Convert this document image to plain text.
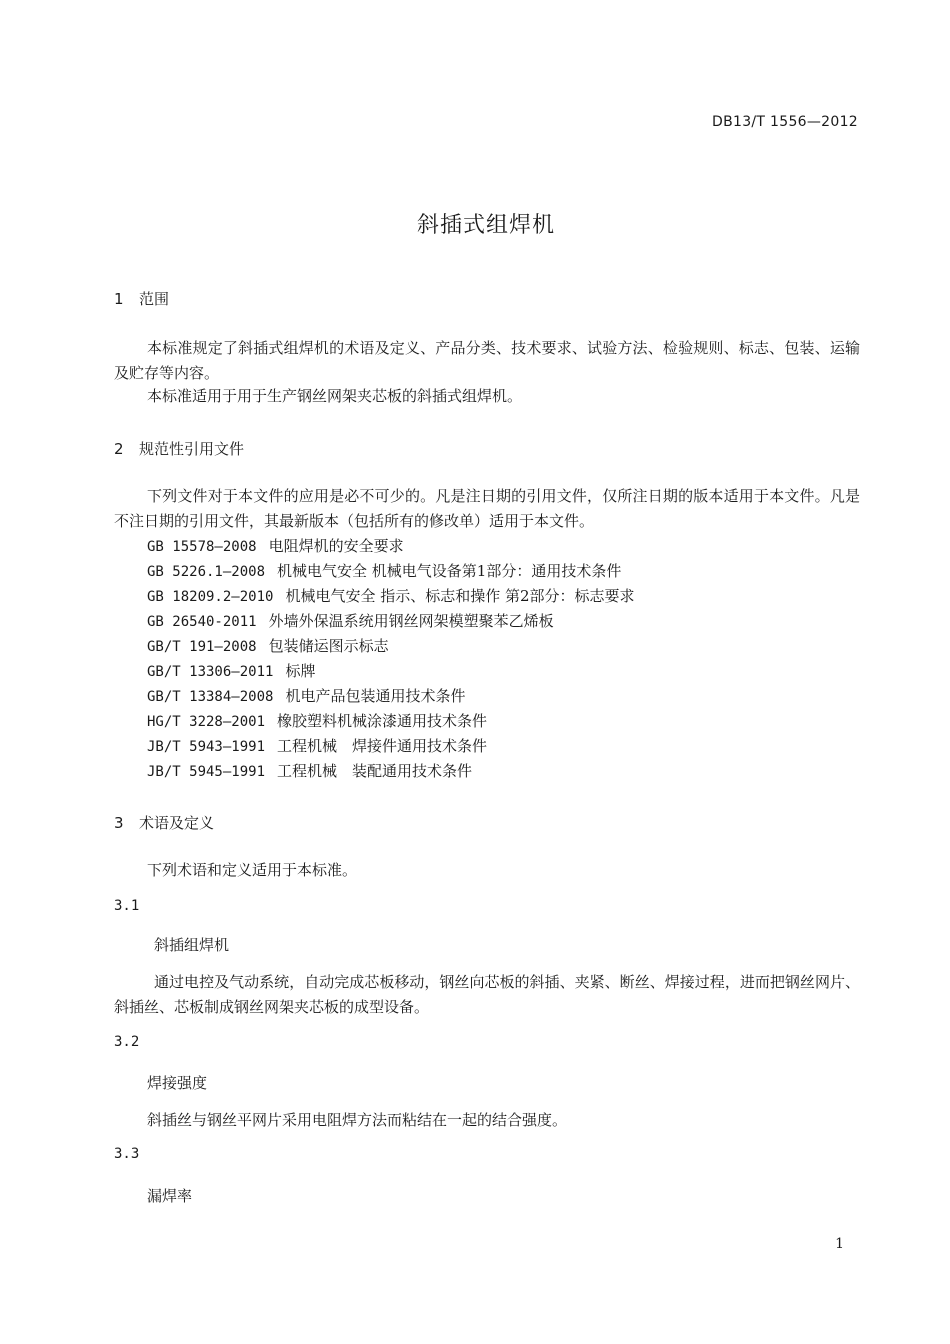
DB13/T 1556—2012
斜插式组焊机
1 范围
本标准规定了斜插式组焊机的术语及定义、产品分类、技术要求、试验方法、检验规则、标志、包装、运输及贮存等内容。
本标准适用于用于生产钢丝网架夹芯板的斜插式组焊机。
2 规范性引用文件
下列文件对于本文件的应用是必不可少的。凡是注日期的引用文件，仅所注日期的版本适用于本文件。凡是不注日期的引用文件，其最新版本（包括所有的修改单）适用于本文件。
GB 15578—2008 电阻焊机的安全要求
GB 5226.1—2008 机械电气安全 机械电气设备第1部分：通用技术条件
GB 18209.2—2010 机械电气安全 指示、标志和操作 第2部分：标志要求
GB 26540-2011 外墙外保温系统用钢丝网架模塑聚苯乙烯板
GB/T 191—2008 包装储运图示标志
GB/T 13306—2011 标牌
GB/T 13384—2008 机电产品包装通用技术条件
HG/T 3228—2001 橡胶塑料机械涂漆通用技术条件
JB/T 5943—1991 工程机械　焊接件通用技术条件
JB/T 5945—1991 工程机械　装配通用技术条件
3 术语及定义
下列术语和定义适用于本标准。
3.1
斜插组焊机
通过电控及气动系统，自动完成芯板移动，钢丝向芯板的斜插、夹紧、断丝、焊接过程，进而把钢丝网片、斜插丝、芯板制成钢丝网架夹芯板的成型设备。
3.2
焊接强度
斜插丝与钢丝平网片采用电阻焊方法而粘结在一起的结合强度。
3.3
漏焊率
1
